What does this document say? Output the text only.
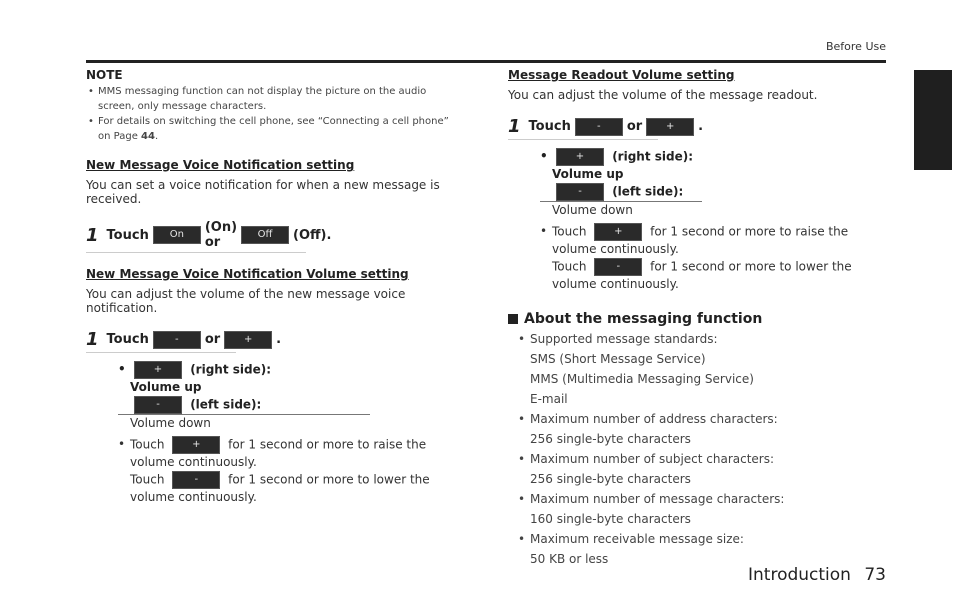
Before Use
NOTE
• MMS messaging function can not display the picture on the audio screen, only message characters.
• For details on switching the cell phone, see “Connecting a cell phone” on Page 44.
New Message Voice Notification setting
You can set a voice notification for when a new message is received.
1 Touch	On	(On) or
Off	(Off).
New Message Voice Notification Volume setting
You can adjust the volume of the new message voice notification.
1 Touch	-	or	+	.
• + (right side):
Volume up
-	(left side):
Volume down
• Touch	+ for 1 second or more to raise the volume continuously.
Touch	-	for 1 second or more to lower the volume continuously.
Message Readout Volume setting
You can adjust the volume of the message readout.
1 Touch	-	or	+	.
• + (right side):
Volume up
-	(left side):
Volume down
• Touch	+ for 1 second or more to raise the volume continuously.
Touch	-	for 1 second or more to lower the volume continuously.
About the messaging function
• Supported message standards:
SMS (Short Message Service)
MMS (Multimedia Messaging Service)
E-mail
• Maximum number of address characters:
256 single-byte characters
• Maximum number of subject characters:
256 single-byte characters
• Maximum number of message characters:
160 single-byte characters
• Maximum receivable message size:
50 KB or less
Introduction 73
